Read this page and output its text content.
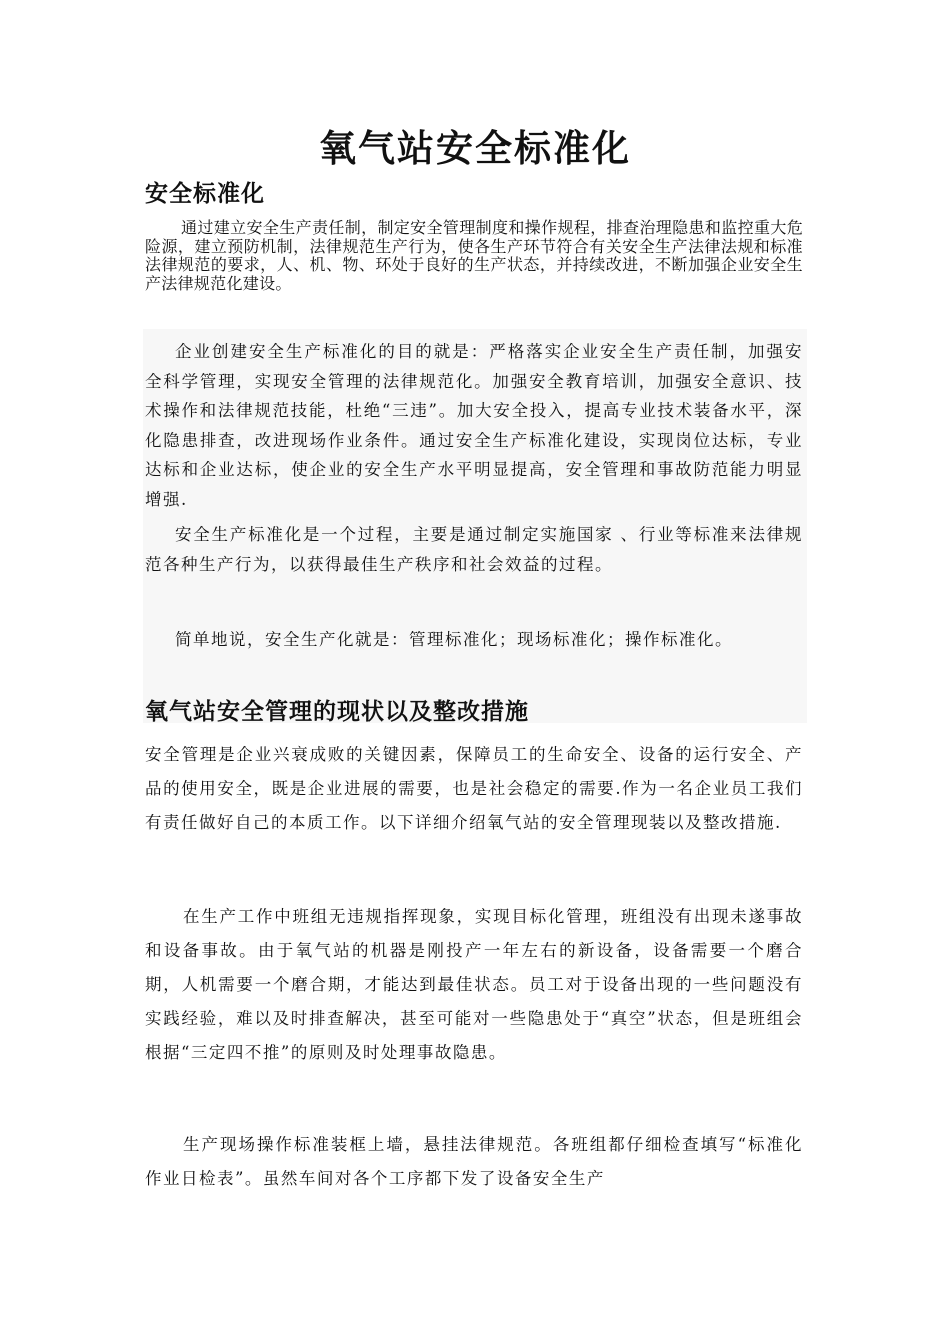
氧气站安全标准化
安全标准化

通过建立安全生产责任制，制定安全管理制度和操作规程，排查治理隐患和监控重大危险源，建立预防机制，法律规范生产行为，使各生产环节符合有关安全生产法律法规和标准法律规范的要求，人、机、物、环处于良好的生产状态，并持续改进，不断加强企业安全生产法律规范化建设。

企业创建安全生产标准化的目的就是：严格落实企业安全生产责任制，加强安全科学管理，实现安全管理的法律规范化。加强安全教育培训，加强安全意识、技术操作和法律规范技能，杜绝“三违”。加大安全投入，提高专业技术装备水平，深化隐患排查，改进现场作业条件。通过安全生产标准化建设，实现岗位达标，专业达标和企业达标，使企业的安全生产水平明显提高，安全管理和事故防范能力明显增强.

安全生产标准化是一个过程，主要是通过制定实施国家 、行业等标准来法律规范各种生产行为，以获得最佳生产秩序和社会效益的过程。

简单地说，安全生产化就是：管理标准化；现场标准化；操作标准化。

氧气站安全管理的现状以及整改措施

安全管理是企业兴衰成败的关键因素，保障员工的生命安全、设备的运行安全、产品的使用安全，既是企业进展的需要，也是社会稳定的需要.作为一名企业员工我们有责任做好自己的本质工作。以下详细介绍氧气站的安全管理现装以及整改措施.

在生产工作中班组无违规指挥现象，实现目标化管理，班组没有出现未遂事故和设备事故。由于氧气站的机器是刚投产一年左右的新设备，设备需要一个磨合期，人机需要一个磨合期，才能达到最佳状态。员工对于设备出现的一些问题没有实践经验，难以及时排查解决，甚至可能对一些隐患处于“真空”状态，但是班组会根据“三定四不推”的原则及时处理事故隐患。

生产现场操作标准装框上墙，悬挂法律规范。各班组都仔细检查填写“标准化作业日检表”。虽然车间对各个工序都下发了设备安全生产
